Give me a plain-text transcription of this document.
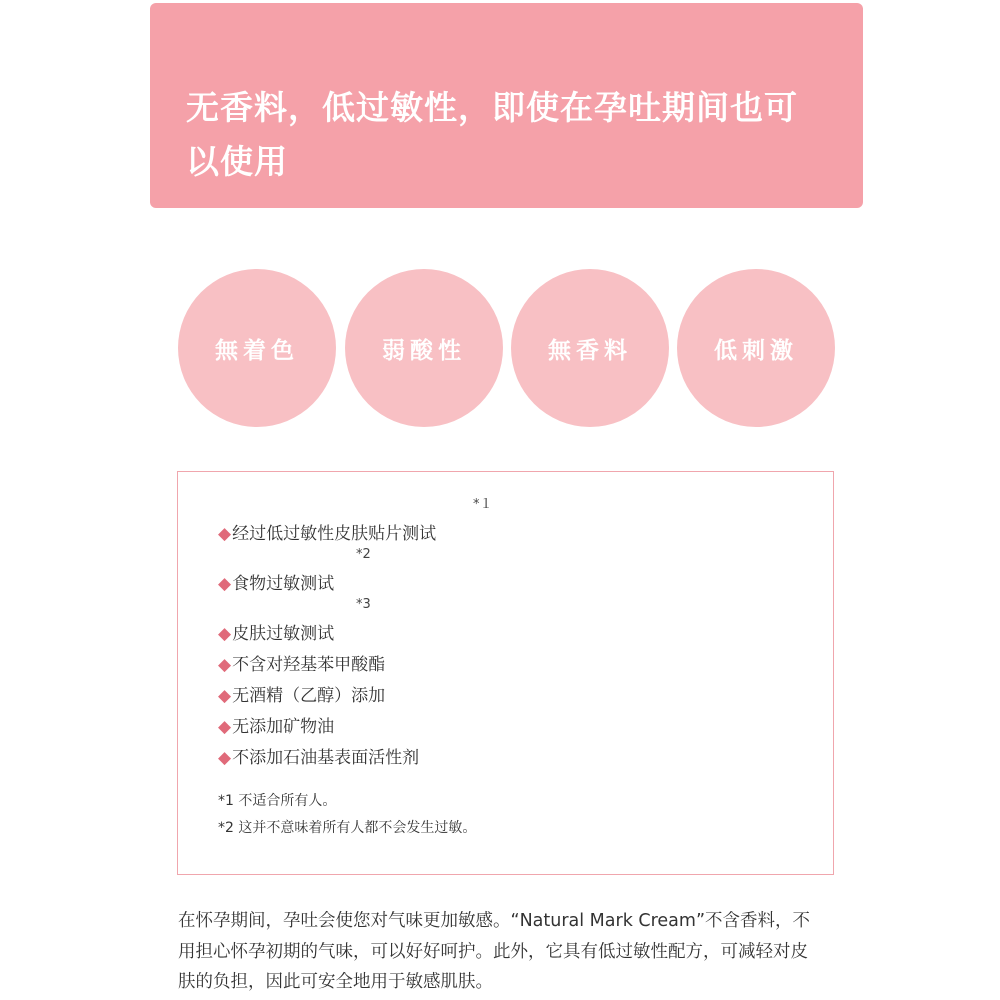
无香料，低过敏性，即使在孕吐期间也可
以使用
無着色	弱酸性	無香料	低刺激
◆经过低过敏性皮肤贴片测试
*１
◆食物过敏测试
*2
◆皮肤过敏测试
*3
◆不含对羟基苯甲酸酯
◆无酒精（乙醇）添加
◆无添加矿物油
◆不添加石油基表面活性剂
*1 不适合所有人。
*2 这并不意味着所有人都不会发生过敏。

在怀孕期间，孕吐会使您对气味更加敏感。“Natural Mark Cream”不含香料，不用担心怀孕初期的气味，可以好好呵护。此外，它具有低过敏性配方，可减轻对皮肤的负担，因此可安全地用于敏感肌肤。
